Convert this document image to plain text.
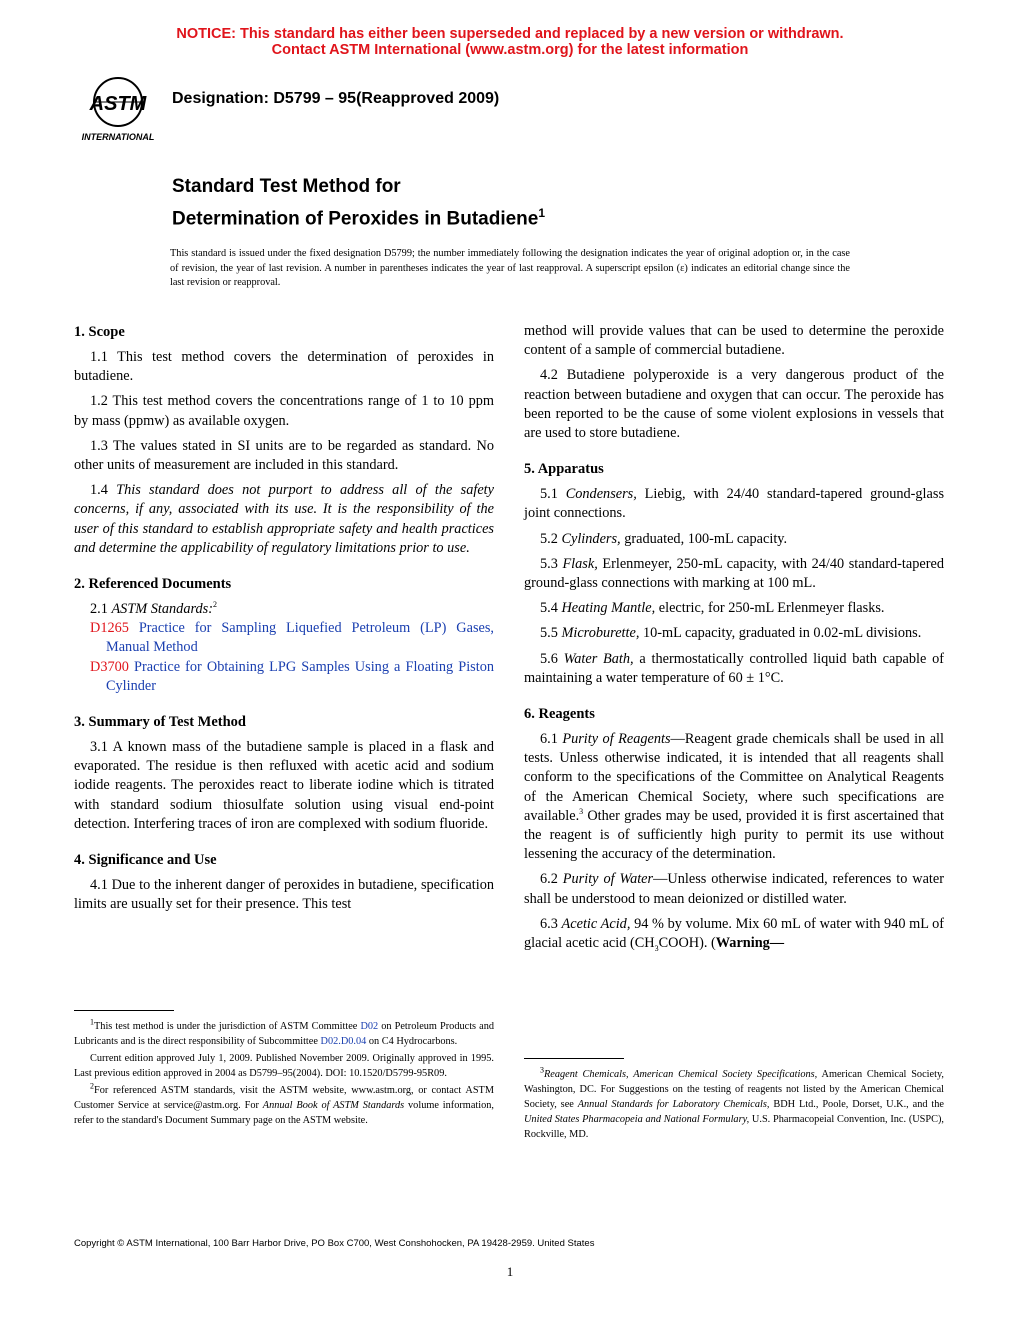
NOTICE: This standard has either been superseded and replaced by a new version or withdrawn.
Contact ASTM International (www.astm.org) for the latest information
ASTM
INTERNATIONAL
Designation: D5799 – 95(Reapproved 2009)
Standard Test Method for
Determination of Peroxides in Butadiene$^1$
This standard is issued under the fixed designation D5799; the number immediately following the designation indicates the year of original adoption or, in the case of revision, the year of last revision. A number in parentheses indicates the year of last reapproval. A superscript epsilon (ε) indicates an editorial change since the last revision or reapproval.
1. Scope

1.1 This test method covers the determination of peroxides in butadiene.

1.2 This test method covers the concentrations range of 1 to 10 ppm by mass (ppmw) as available oxygen.

1.3 The values stated in SI units are to be regarded as standard. No other units of measurement are included in this standard.

1.4 This standard does not purport to address all of the safety concerns, if any, associated with its use. It is the responsibility of the user of this standard to establish appropriate safety and health practices and determine the applicability of regulatory limitations prior to use.

2. Referenced Documents

2.1 ASTM Standards:$^2$

D1265 Practice for Sampling Liquefied Petroleum (LP) Gases, Manual Method

D3700 Practice for Obtaining LPG Samples Using a Floating Piston Cylinder

3. Summary of Test Method

3.1 A known mass of the butadiene sample is placed in a flask and evaporated. The residue is then refluxed with acetic acid and sodium iodide reagents. The peroxides react to liberate iodine which is titrated with standard sodium thiosulfate solution using visual end-point detection. Interfering traces of iron are complexed with sodium fluoride.

4. Significance and Use

4.1 Due to the inherent danger of peroxides in butadiene, specification limits are usually set for their presence. This test

$^1$This test method is under the jurisdiction of ASTM Committee D02 on Petroleum Products and Lubricants and is the direct responsibility of Subcommittee D02.D0.04 on C4 Hydrocarbons.

Current edition approved July 1, 2009. Published November 2009. Originally approved in 1995. Last previous edition approved in 2004 as D5799–95(2004). DOI: 10.1520/D5799-95R09.

$^2$For referenced ASTM standards, visit the ASTM website, www.astm.org, or contact ASTM Customer Service at service@astm.org. For Annual Book of ASTM Standards volume information, refer to the standard's Document Summary page on the ASTM website.

method will provide values that can be used to determine the peroxide content of a sample of commercial butadiene.

4.2 Butadiene polyperoxide is a very dangerous product of the reaction between butadiene and oxygen that can occur. The peroxide has been reported to be the cause of some violent explosions in vessels that are used to store butadiene.

5. Apparatus

5.1 Condensers, Liebig, with 24/40 standard-tapered ground-glass joint connections.

5.2 Cylinders, graduated, 100-mL capacity.

5.3 Flask, Erlenmeyer, 250-mL capacity, with 24/40 standard-tapered ground-glass connections with marking at 100 mL.

5.4 Heating Mantle, electric, for 250-mL Erlenmeyer flasks.

5.5 Microburette, 10-mL capacity, graduated in 0.02-mL divisions.

5.6 Water Bath, a thermostatically controlled liquid bath capable of maintaining a water temperature of 60 ± 1°C.

6. Reagents

6.1 Purity of Reagents—Reagent grade chemicals shall be used in all tests. Unless otherwise indicated, it is intended that all reagents shall conform to the specifications of the Committee on Analytical Reagents of the American Chemical Society, where such specifications are available.$^3$ Other grades may be used, provided it is first ascertained that the reagent is of sufficiently high purity to permit its use without lessening the accuracy of the determination.

6.2 Purity of Water—Unless otherwise indicated, references to water shall be understood to mean deionized or distilled water.

6.3 Acetic Acid, 94 % by volume. Mix 60 mL of water with 940 mL of glacial acetic acid $(CH_3COOH)$. (Warning—

$^3$Reagent Chemicals, American Chemical Society Specifications, American Chemical Society, Washington, DC. For Suggestions on the testing of reagents not listed by the American Chemical Society, see Annual Standards for Laboratory Chemicals, BDH Ltd., Poole, Dorset, U.K., and the United States Pharmacopeia and National Formulary, U.S. Pharmacopeial Convention, Inc. (USPC), Rockville, MD.

Copyright © ASTM International, 100 Barr Harbor Drive, PO Box C700, West Conshohocken, PA 19428-2959. United States
1
